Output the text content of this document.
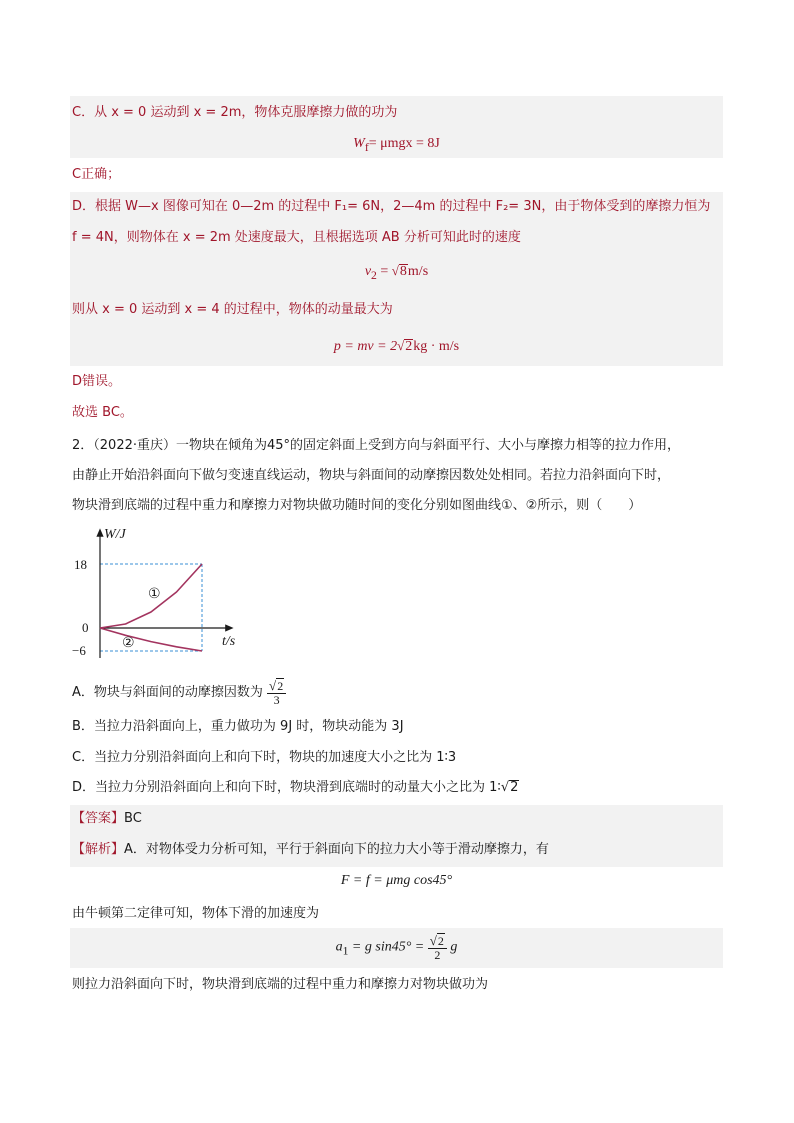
C．从 x = 0 运动到 x = 2m，物体克服摩擦力做的功为
$W_f= \mu mgx = 8J$
C正确；
D．根据 W—x 图像可知在 0—2m 的过程中 F₁= 6N，2—4m 的过程中 F₂= 3N，由于物体受到的摩擦力恒为
f = 4N，则物体在 x = 2m 处速度最大，且根据选项 AB 分析可知此时的速度
$v_2 = √8m/s$
则从 x = 0 运动到 x = 4 的过程中，物体的动量最大为
p = mv = 2√2kg · m/s
D错误。
故选 BC。
2．（2022·重庆）一物块在倾角为45°的固定斜面上受到方向与斜面平行、大小与摩擦力相等的拉力作用，
由静止开始沿斜面向下做匀变速直线运动，物块与斜面间的动摩擦因数处处相同。若拉力沿斜面向下时，
物块滑到底端的过程中重力和摩擦力对物块做功随时间的变化分别如图曲线①、②所示，则（　　）
W/J
t/s
18
0
−6
①
②
A．物块与斜面间的动摩擦因数为 $\frac{√2}{3}$
B．当拉力沿斜面向上，重力做功为 9J 时，物块动能为 3J
C．当拉力分别沿斜面向上和向下时，物块的加速度大小之比为 1∶3
D．当拉力分别沿斜面向上和向下时，物块滑到底端时的动量大小之比为 1∶√2
【答案】BC
【解析】A．对物体受力分析可知，平行于斜面向下的拉力大小等于滑动摩擦力，有
F = f = μmg cos45°
由牛顿第二定律可知，物体下滑的加速度为
$a_1 = g$ $\sin 45^\circ = \frac{√2}{2}$ g
则拉力沿斜面向下时，物块滑到底端的过程中重力和摩擦力对物块做功为
